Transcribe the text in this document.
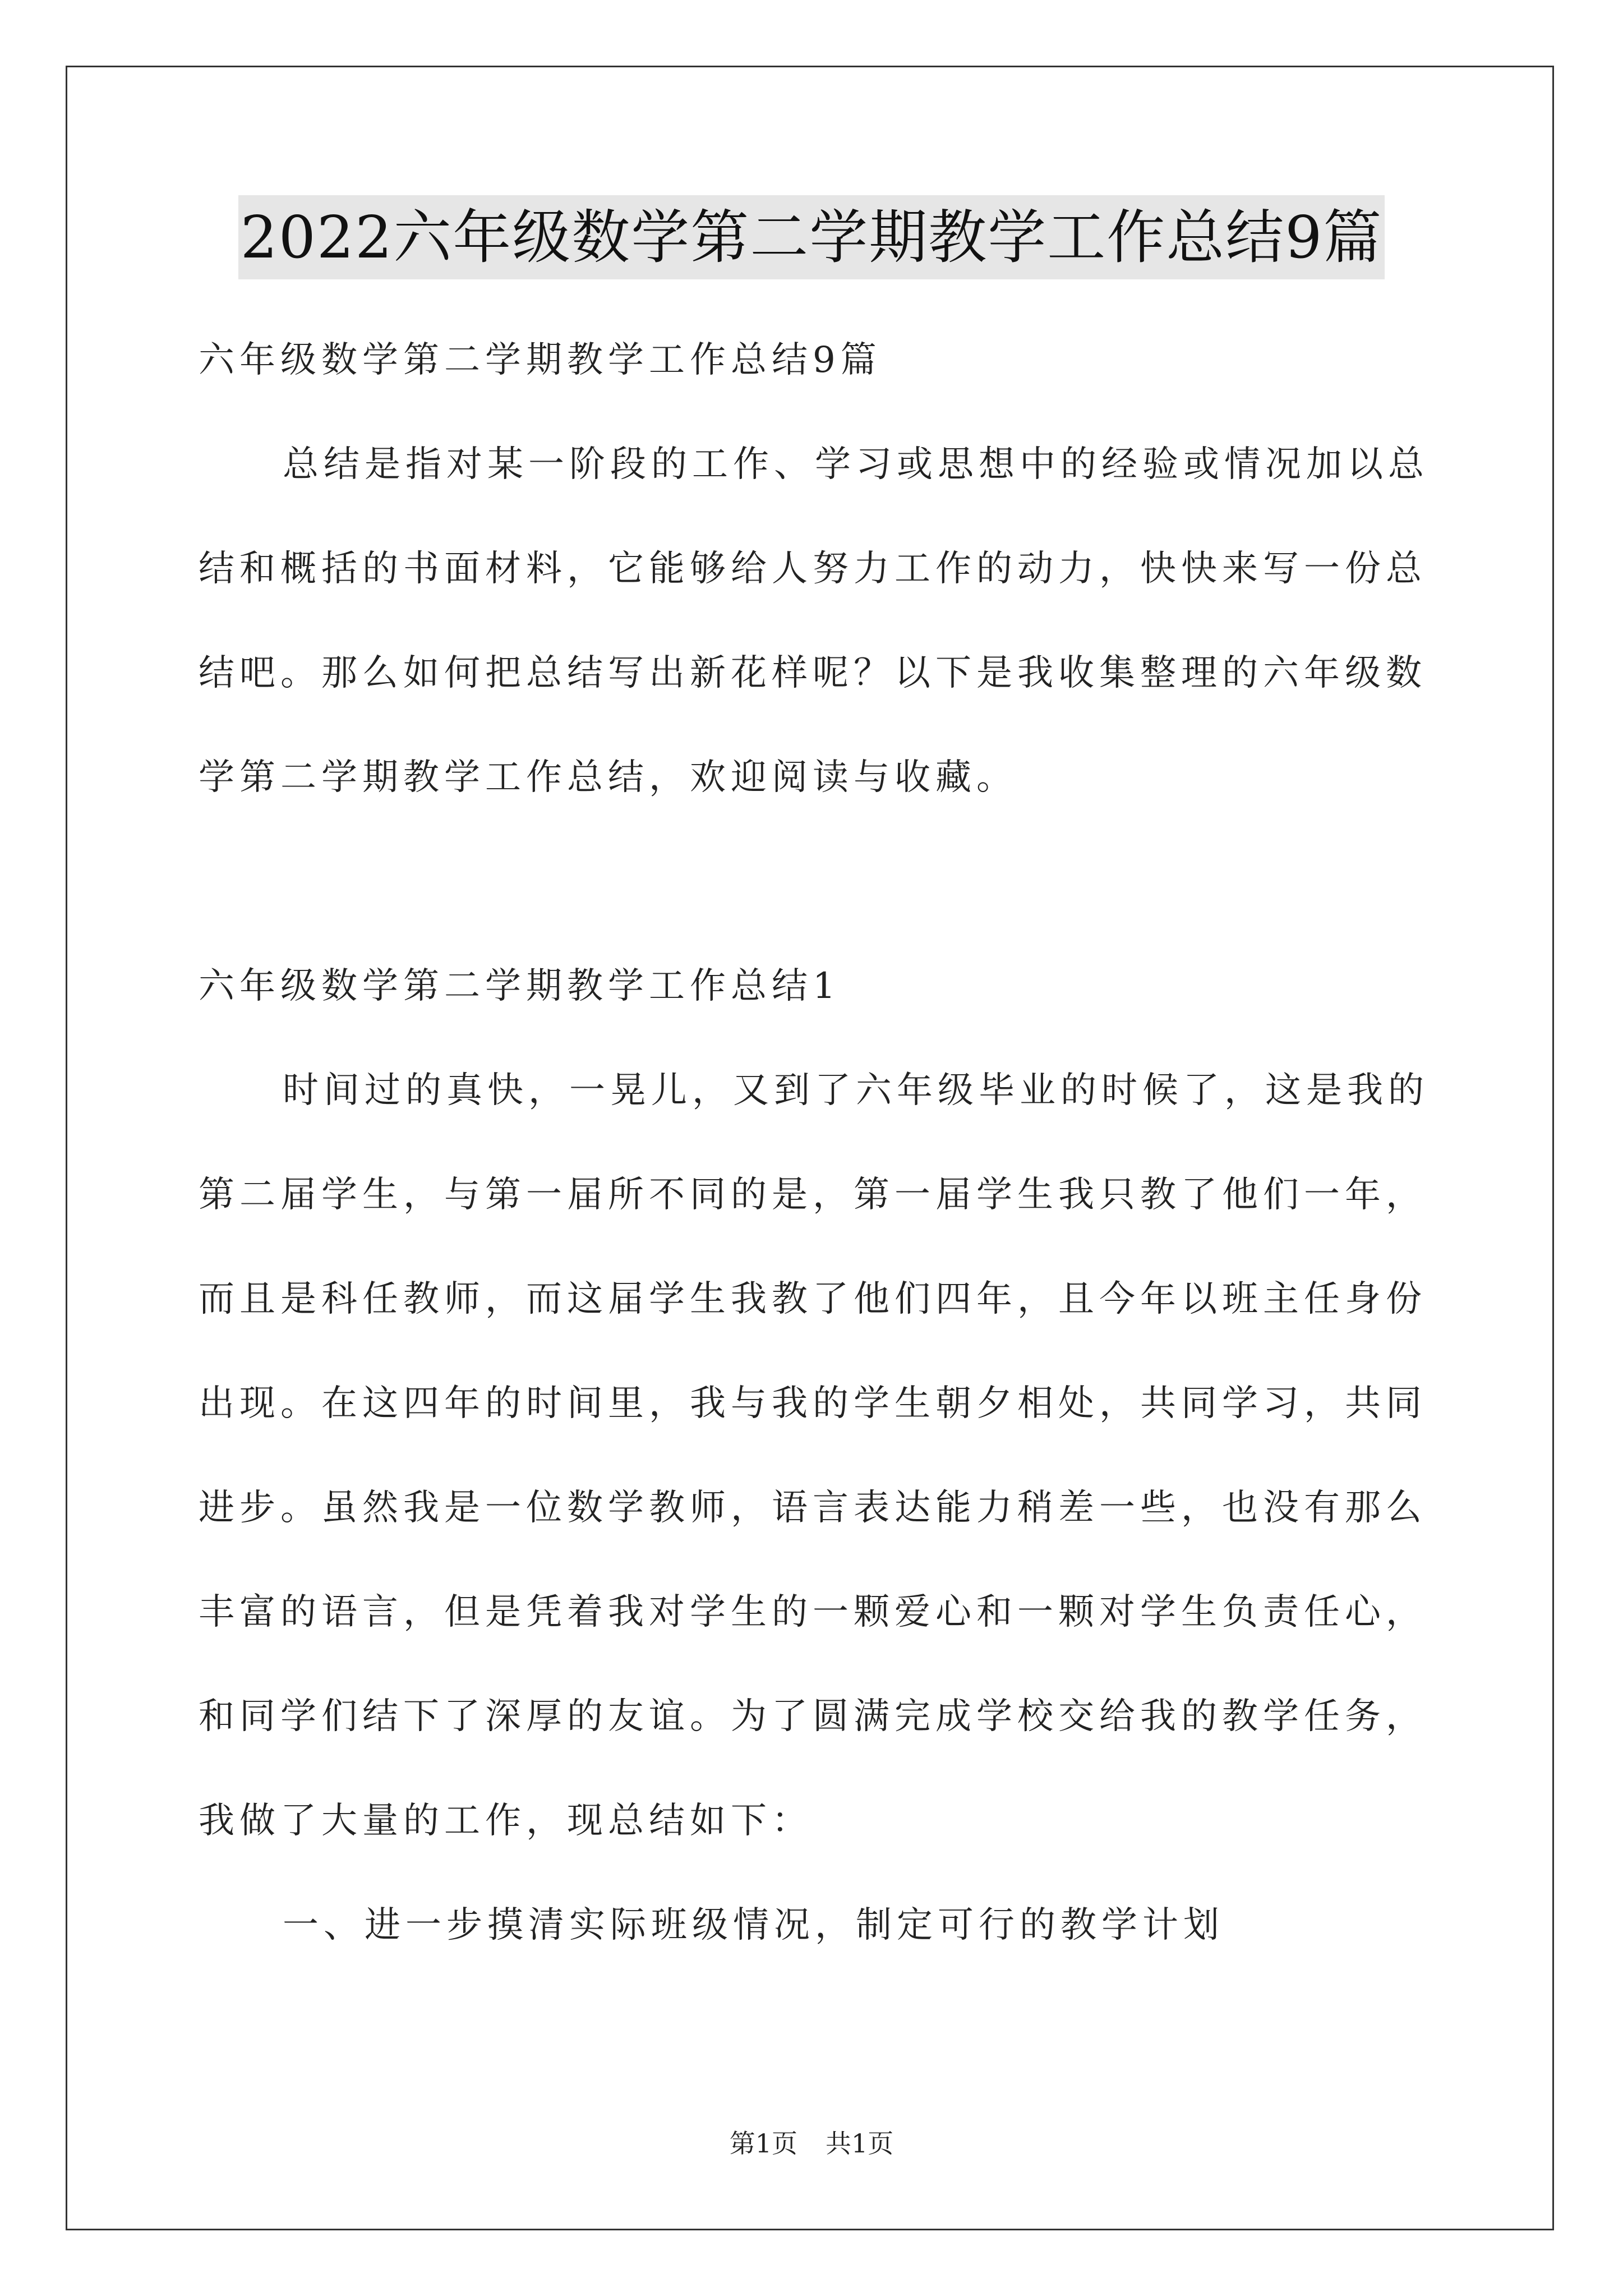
2022六年级数学第二学期教学工作总结9篇

六年级数学第二学期教学工作总结9篇

总结是指对某一阶段的工作、学习或思想中的经验或情况加以总结和概括的书面材料，它能够给人努力工作的动力，快快来写一份总结吧。那么如何把总结写出新花样呢？以下是我收集整理的六年级数学第二学期教学工作总结，欢迎阅读与收藏。

六年级数学第二学期教学工作总结1

时间过的真快，一晃儿，又到了六年级毕业的时候了，这是我的第二届学生，与第一届所不同的是，第一届学生我只教了他们一年，而且是科任教师，而这届学生我教了他们四年，且今年以班主任身份出现。在这四年的时间里，我与我的学生朝夕相处，共同学习，共同进步。虽然我是一位数学教师，语言表达能力稍差一些，也没有那么丰富的语言，但是凭着我对学生的一颗爱心和一颗对学生负责任心，和同学们结下了深厚的友谊。为了圆满完成学校交给我的教学任务，我做了大量的工作，现总结如下：

一、进一步摸清实际班级情况，制定可行的教学计划

第1页 共1页
